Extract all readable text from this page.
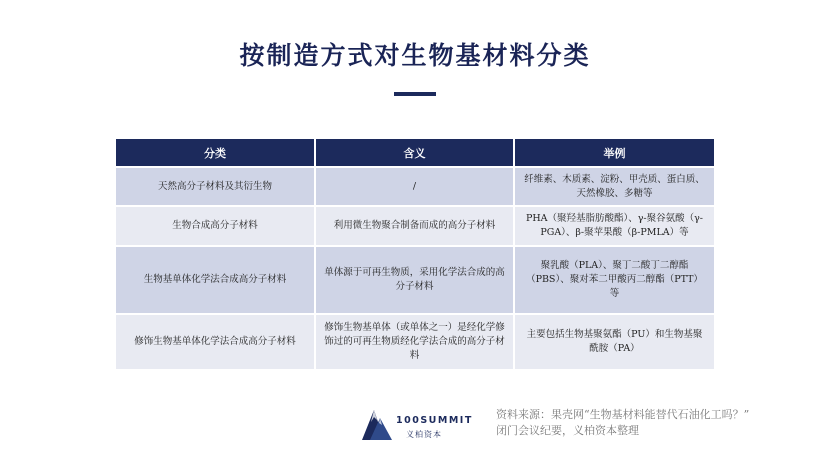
按制造方式对生物基材料分类
分类	含义	举例
天然高分子材料及其衍生物	/	纤维素、木质素、淀粉、甲壳质、蛋白质、天然橡胶、多糖等
生物合成高分子材料	利用微生物聚合制备而成的高分子材料	PHA（聚羟基脂肪酸酯）、γ-聚谷氨酸（γ-PGA）、β-聚苹果酸（β-PMLA）等
生物基单体化学法合成高分子材料	单体源于可再生物质，采用化学法合成的高分子材料	聚乳酸（PLA）、聚丁二酸丁二醇酯（PBS）、聚对苯二甲酸丙二醇酯（PTT）等
修饰生物基单体化学法合成高分子材料	修饰生物基单体（或单体之一）是经化学修饰过的可再生物质经化学法合成的高分子材料	主要包括生物基聚氨酯（PU）和生物基聚酰胺（PA）
100SUMMIT
义柏资本
资料来源：果壳网“生物基材料能替代石油化工吗？”
闭门会议纪要，义柏资本整理
